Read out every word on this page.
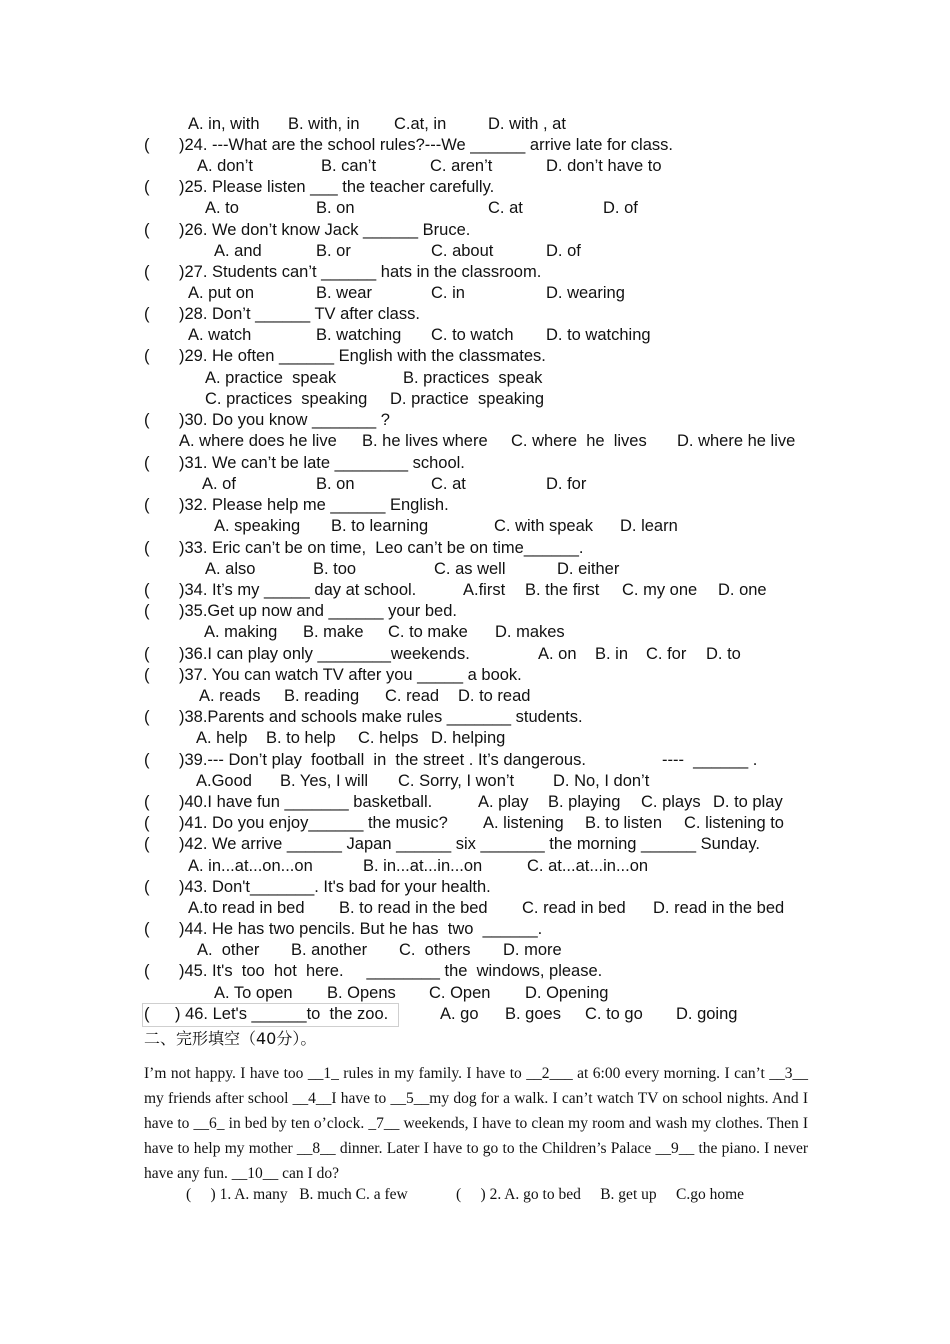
A. in, with B. with, in C.at, in	D. with , at
( )24. ---What are the school rules?---We ______ arrive late for class.
A. don’t	B. can’t	C. aren’t	D. don’t have to
( )25. Please listen ___ the teacher carefully.
A. to	B. on	C. at	D. of
( )26. We don’t know Jack ______ Bruce.
A. and	B. or	C. about	D. of
( )27. Students can’t ______ hats in the classroom.
A. put on	B. wear	C. in	D. wearing
( )28. Don’t ______ TV after class.
A. watch	B. watching C. to watch D. to watching
( )29. He often ______ English with the classmates.
A. practice  speak	B. practices  speak
C. practices  speaking D. practice  speaking
( )30. Do you know _______ ?
A. where does he live B. he lives where C. where  he  lives D. where he live
( )31. We can’t be late ________ school.
A. of	B. on	C. at	D. for
( )32. Please help me ______ English.
A. speaking B. to learning	C. with speak D. learn
( )33. Eric can’t be on time,  Leo can’t be on time______.
A. also	B. too	C. as well	D. either
( )34. It’s my _____ day at school.	A.first B. the first C. my one D. one
( )35.Get up now and ______ your bed.
A. making B. make C. to make D. makes
( )36.I can play only ________weekends.	A. on B. in C. for D. to
( )37. You can watch TV after you _____ a book.
A. reads B. reading C. read D. to read
( )38.Parents and schools make rules _______ students.
A. help B. to help C. helps D. helping
( )39.--- Don’t play  football  in  the street . It’s dangerous.	----  ______ .
A.Good B. Yes, I will C. Sorry, I won’t D. No, I don’t
( )40.I have fun _______ basketball.	A. play B. playing C. plays D. to play
( )41. Do you enjoy______ the music? A. listening B. to listen C. listening to
( )42. We arrive ______ Japan ______ six _______ the morning ______ Sunday.
A. in...at...on...on	B. in...at...in...on	C. at...at...in...on
( )43. Don't_______. It's bad for your health.
A.to read in bed B. to read in the bed C. read in bed D. read in the bed
( )44. He has two pencils. But he has  two  ______.
A.  other B. another C.  others D. more
( )45. It's  too  hot  here.     ________ the  windows, please.
A. To open B. Opens C. Open D. Opening
( ) 46. Let's ______to  the zoo.	A. go B. goes C. to go D. going
二、完形填空（40分）。
I’m not happy. I have too __1_ rules in my family. I have to __2___ at 6:00 every morning. I can’t __3__ my friends after school __4__I have to __5__my dog for a walk. I can’t watch TV on school nights. And I have to __6_ in bed by ten o’clock. _7__ weekends, I have to clean my room and wash my clothes. Then I have to help my mother __8__ dinner. Later I have to go to the Children’s Palace __9__ the piano. I never have any fun. __10__ can I do?
(     ) 1. A. many   B. much C. a few	(     ) 2. A. go to bed     B. get up     C.go home
